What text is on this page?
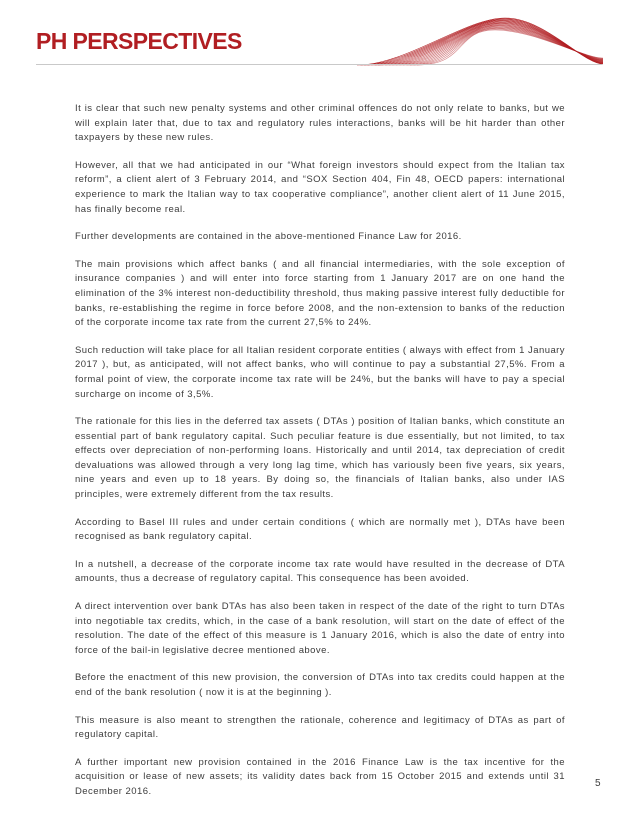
PH PERSPECTIVES

It is clear that such new penalty systems and other criminal offences do not only relate to banks, but we will explain later that, due to tax and regulatory rules interactions, banks will be hit harder than other taxpayers by these new rules.

However, all that we had anticipated in our “What foreign investors should expect from the Italian tax reform”, a client alert of 3 February 2014, and “SOX Section 404, Fin 48, OECD papers: international experience to mark the Italian way to tax cooperative compliance”, another client alert of 11 June 2015, has finally become real.

Further developments are contained in the above-mentioned Finance Law for 2016.

The main provisions which affect banks ( and all financial intermediaries, with the sole exception of insurance companies ) and will enter into force starting from 1 January 2017 are on one hand the elimination of the 3% interest non-deductibility threshold, thus making passive interest fully deductible for banks, re-establishing the regime in force before 2008, and the non-extension to banks of the reduction of the corporate income tax rate from the current 27,5% to 24%.

Such reduction will take place for all Italian resident corporate entities ( always with effect from 1 January 2017 ), but, as anticipated, will not affect banks, who will continue to pay a substantial 27,5%. From a formal point of view, the corporate income tax rate will be 24%, but the banks will have to pay a special surcharge on income of 3,5%.

The rationale for this lies in the deferred tax assets ( DTAs ) position of Italian banks, which constitute an essential part of bank regulatory capital. Such peculiar feature is due essentially, but not limited, to tax effects over depreciation of non-performing loans. Historically and until 2014, tax depreciation of credit devaluations was allowed through a very long lag time, which has variously been five years, six years, nine years and even up to 18 years. By doing so, the financials of Italian banks, also under IAS principles, were extremely different from the tax results.

According to Basel III rules and under certain conditions ( which are normally met ), DTAs have been recognised as bank regulatory capital.

In a nutshell, a decrease of the corporate income tax rate would have resulted in the decrease of DTA amounts, thus a decrease of regulatory capital. This consequence has been avoided.

A direct intervention over bank DTAs has also been taken in respect of the date of the right to turn DTAs into negotiable tax credits, which, in the case of a bank resolution, will start on the date of effect of the resolution. The date of the effect of this measure is 1 January 2016, which is also the date of entry into force of the bail-in legislative decree mentioned above.

Before the enactment of this new provision, the conversion of DTAs into tax credits could happen at the end of the bank resolution ( now it is at the beginning ).

This measure is also meant to strengthen the rationale, coherence and legitimacy of DTAs as part of regulatory capital.

A further important new provision contained in the 2016 Finance Law is the tax incentive for the acquisition or lease of new assets; its validity dates back from 15 October 2015 and extends until 31 December 2016.

5
